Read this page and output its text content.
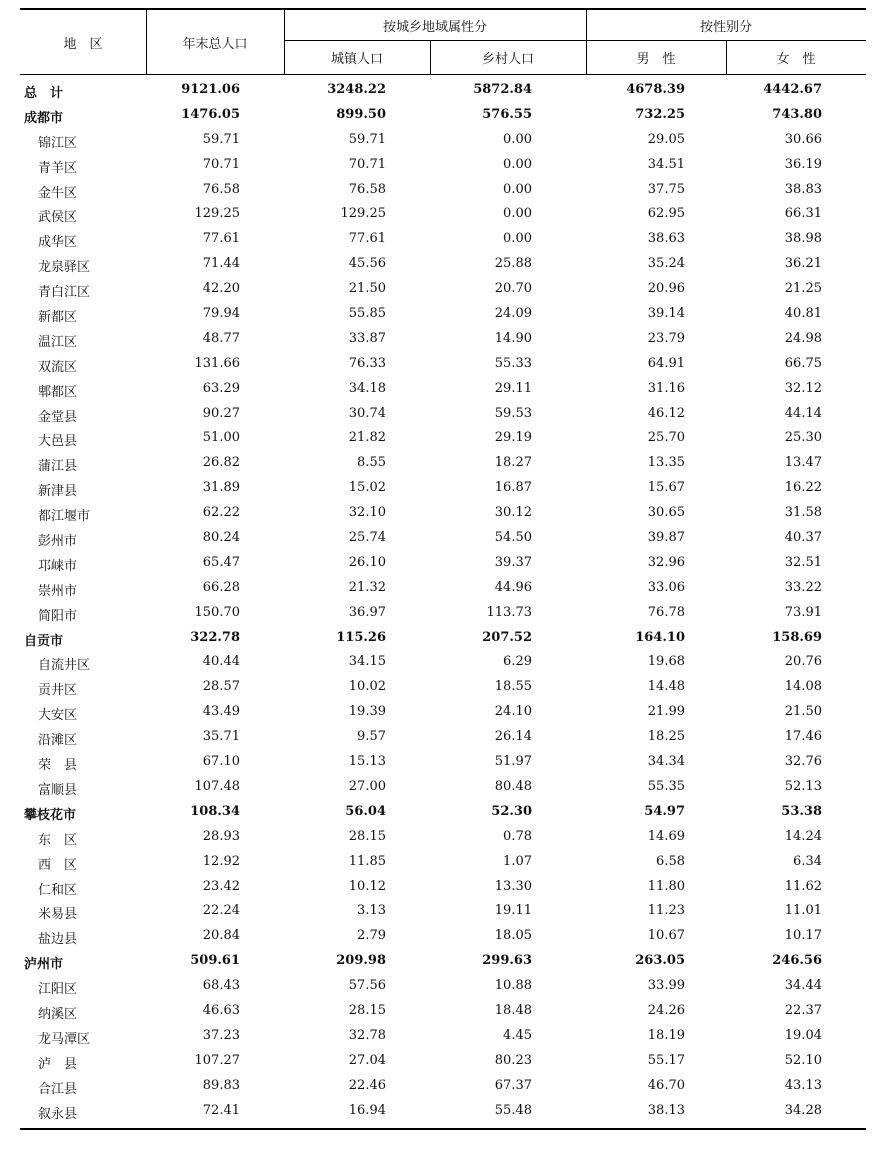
地　区	年末总人口
按城乡地域属性分
城镇人口	乡村人口
按性别分
男　性	女　性
总　计	9121.06	3248.22	5872.84	4678.39	4442.67
成都市	1476.05	899.50	576.55	732.25	743.80
锦江区	59.71	59.71	0.00	29.05	30.66
青羊区	70.71	70.71	0.00	34.51	36.19
金牛区	76.58	76.58	0.00	37.75	38.83
武侯区	129.25	129.25	0.00	62.95	66.31
成华区	77.61	77.61	0.00	38.63	38.98
龙泉驿区	71.44	45.56	25.88	35.24	36.21
青白江区	42.20	21.50	20.70	20.96	21.25
新都区	79.94	55.85	24.09	39.14	40.81
温江区	48.77	33.87	14.90	23.79	24.98
双流区	131.66	76.33	55.33	64.91	66.75
郫都区	63.29	34.18	29.11	31.16	32.12
金堂县	90.27	30.74	59.53	46.12	44.14
大邑县	51.00	21.82	29.19	25.70	25.30
蒲江县	26.82	8.55	18.27	13.35	13.47
新津县	31.89	15.02	16.87	15.67	16.22
都江堰市	62.22	32.10	30.12	30.65	31.58
彭州市	80.24	25.74	54.50	39.87	40.37
邛崃市	65.47	26.10	39.37	32.96	32.51
崇州市	66.28	21.32	44.96	33.06	33.22
简阳市	150.70	36.97	113.73	76.78	73.91
自贡市	322.78	115.26	207.52	164.10	158.69
自流井区	40.44	34.15	6.29	19.68	20.76
贡井区	28.57	10.02	18.55	14.48	14.08
大安区	43.49	19.39	24.10	21.99	21.50
沿滩区	35.71	9.57	26.14	18.25	17.46
荣　县	67.10	15.13	51.97	34.34	32.76
富顺县	107.48	27.00	80.48	55.35	52.13
攀枝花市	108.34	56.04	52.30	54.97	53.38
东　区	28.93	28.15	0.78	14.69	14.24
西　区	12.92	11.85	1.07	6.58	6.34
仁和区	23.42	10.12	13.30	11.80	11.62
米易县	22.24	3.13	19.11	11.23	11.01
盐边县	20.84	2.79	18.05	10.67	10.17
泸州市	509.61	209.98	299.63	263.05	246.56
江阳区	68.43	57.56	10.88	33.99	34.44
纳溪区	46.63	28.15	18.48	24.26	22.37
龙马潭区	37.23	32.78	4.45	18.19	19.04
泸　县	107.27	27.04	80.23	55.17	52.10
合江县	89.83	22.46	67.37	46.70	43.13
叙永县	72.41	16.94	55.48	38.13	34.28
